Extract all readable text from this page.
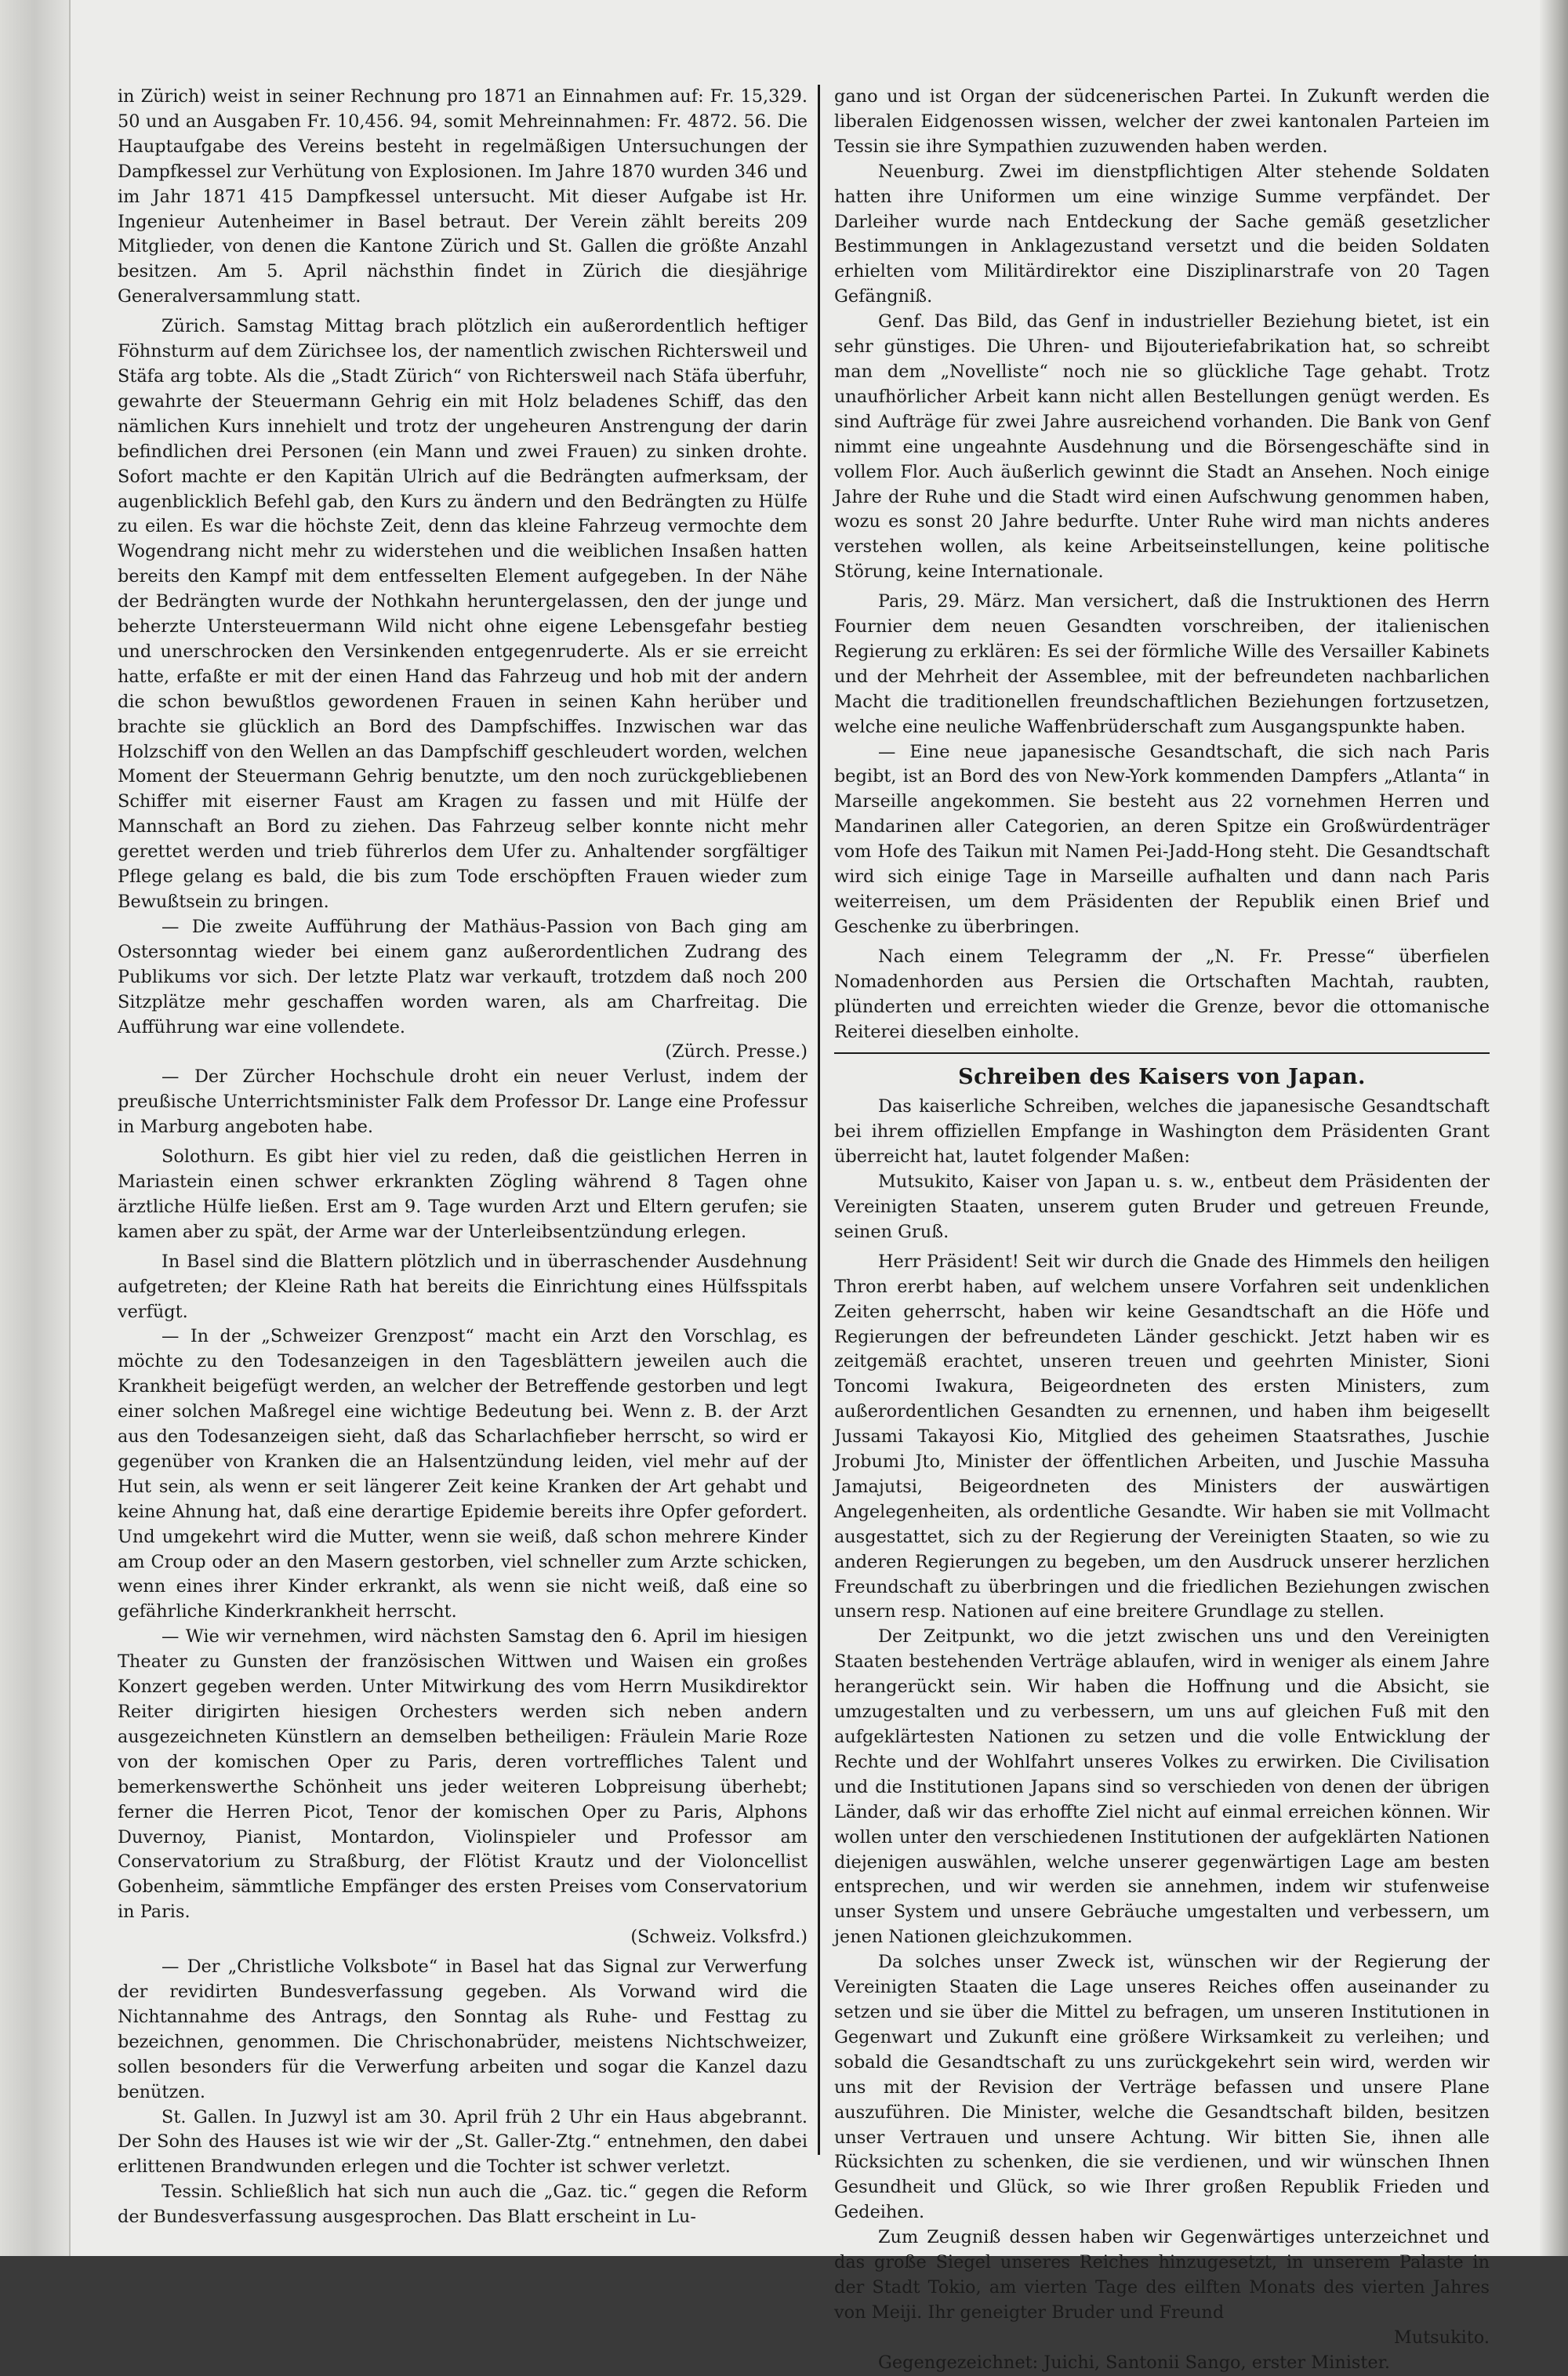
in Zürich) weist in seiner Rechnung pro 1871 an Einnahmen auf: Fr. 15,329. 50 und an Ausgaben Fr. 10,456. 94, somit Mehreinnahmen: Fr. 4872. 56. Die Hauptaufgabe des Vereins besteht in regelmäßigen Untersuchungen der Dampfkessel zur Verhütung von Explosionen. Im Jahre 1870 wurden 346 und im Jahr 1871 415 Dampfkessel untersucht. Mit dieser Aufgabe ist Hr. Ingenieur Autenheimer in Basel betraut. Der Verein zählt bereits 209 Mitglieder, von denen die Kantone Zürich und St. Gallen die größte Anzahl besitzen. Am 5. April nächsthin findet in Zürich die diesjährige Generalversammlung statt.

Zürich. Samstag Mittag brach plötzlich ein außerordentlich heftiger Föhnsturm auf dem Zürichsee los, der namentlich zwischen Richtersweil und Stäfa arg tobte. Als die „Stadt Zürich“ von Richtersweil nach Stäfa überfuhr, gewahrte der Steuermann Gehrig ein mit Holz beladenes Schiff, das den nämlichen Kurs innehielt und trotz der ungeheuren Anstrengung der darin befindlichen drei Personen (ein Mann und zwei Frauen) zu sinken drohte. Sofort machte er den Kapitän Ulrich auf die Bedrängten aufmerksam, der augenblicklich Befehl gab, den Kurs zu ändern und den Bedrängten zu Hülfe zu eilen. Es war die höchste Zeit, denn das kleine Fahrzeug vermochte dem Wogendrang nicht mehr zu widerstehen und die weiblichen Insaßen hatten bereits den Kampf mit dem entfesselten Element aufgegeben. In der Nähe der Bedrängten wurde der Nothkahn heruntergelassen, den der junge und beherzte Untersteuermann Wild nicht ohne eigene Lebensgefahr bestieg und unerschrocken den Versinkenden entgegenruderte. Als er sie erreicht hatte, erfaßte er mit der einen Hand das Fahrzeug und hob mit der andern die schon bewußtlos gewordenen Frauen in seinen Kahn herüber und brachte sie glücklich an Bord des Dampfschiffes. Inzwischen war das Holzschiff von den Wellen an das Dampfschiff geschleudert worden, welchen Moment der Steuermann Gehrig benutzte, um den noch zurückgebliebenen Schiffer mit eiserner Faust am Kragen zu fassen und mit Hülfe der Mannschaft an Bord zu ziehen. Das Fahrzeug selber konnte nicht mehr gerettet werden und trieb führerlos dem Ufer zu. Anhaltender sorgfältiger Pflege gelang es bald, die bis zum Tode erschöpften Frauen wieder zum Bewußtsein zu bringen.

— Die zweite Aufführung der Mathäus-Passion von Bach ging am Ostersonntag wieder bei einem ganz außerordentlichen Zudrang des Publikums vor sich. Der letzte Platz war verkauft, trotzdem daß noch 200 Sitzplätze mehr geschaffen worden waren, als am Charfreitag. Die Aufführung war eine vollendete.

(Zürch. Presse.)

— Der Zürcher Hochschule droht ein neuer Verlust, indem der preußische Unterrichtsminister Falk dem Professor Dr. Lange eine Professur in Marburg angeboten habe.

Solothurn. Es gibt hier viel zu reden, daß die geistlichen Herren in Mariastein einen schwer erkrankten Zögling während 8 Tagen ohne ärztliche Hülfe ließen. Erst am 9. Tage wurden Arzt und Eltern gerufen; sie kamen aber zu spät, der Arme war der Unterleibsentzündung erlegen.

In Basel sind die Blattern plötzlich und in überraschender Ausdehnung aufgetreten; der Kleine Rath hat bereits die Einrichtung eines Hülfsspitals verfügt.

— In der „Schweizer Grenzpost“ macht ein Arzt den Vorschlag, es möchte zu den Todesanzeigen in den Tagesblättern jeweilen auch die Krankheit beigefügt werden, an welcher der Betreffende gestorben und legt einer solchen Maßregel eine wichtige Bedeutung bei. Wenn z. B. der Arzt aus den Todesanzeigen sieht, daß das Scharlachfieber herrscht, so wird er gegenüber von Kranken die an Halsentzündung leiden, viel mehr auf der Hut sein, als wenn er seit längerer Zeit keine Kranken der Art gehabt und keine Ahnung hat, daß eine derartige Epidemie bereits ihre Opfer gefordert. Und umgekehrt wird die Mutter, wenn sie weiß, daß schon mehrere Kinder am Croup oder an den Masern gestorben, viel schneller zum Arzte schicken, wenn eines ihrer Kinder erkrankt, als wenn sie nicht weiß, daß eine so gefährliche Kinderkrankheit herrscht.

— Wie wir vernehmen, wird nächsten Samstag den 6. April im hiesigen Theater zu Gunsten der französischen Wittwen und Waisen ein großes Konzert gegeben werden. Unter Mitwirkung des vom Herrn Musikdirektor Reiter dirigirten hiesigen Orchesters werden sich neben andern ausgezeichneten Künstlern an demselben betheiligen: Fräulein Marie Roze von der komischen Oper zu Paris, deren vortreffliches Talent und bemerkenswerthe Schönheit uns jeder weiteren Lobpreisung überhebt; ferner die Herren Picot, Tenor der komischen Oper zu Paris, Alphons Duvernoy, Pianist, Montardon, Violinspieler und Professor am Conservatorium zu Straßburg, der Flötist Krautz und der Violoncellist Gobenheim, sämmtliche Empfänger des ersten Preises vom Conservatorium in Paris.

(Schweiz. Volksfrd.)

— Der „Christliche Volksbote“ in Basel hat das Signal zur Verwerfung der revidirten Bundesverfassung gegeben. Als Vorwand wird die Nichtannahme des Antrags, den Sonntag als Ruhe- und Festtag zu bezeichnen, genommen. Die Chrischonabrüder, meistens Nichtschweizer, sollen besonders für die Verwerfung arbeiten und sogar die Kanzel dazu benützen.

St. Gallen. In Juzwyl ist am 30. April früh 2 Uhr ein Haus abgebrannt. Der Sohn des Hauses ist wie wir der „St. Galler-Ztg.“ entnehmen, den dabei erlittenen Brandwunden erlegen und die Tochter ist schwer verletzt.

Tessin. Schließlich hat sich nun auch die „Gaz. tic.“ gegen die Reform der Bundesverfassung ausgesprochen. Das Blatt erscheint in Lu-

gano und ist Organ der südcenerischen Partei. In Zukunft werden die liberalen Eidgenossen wissen, welcher der zwei kantonalen Parteien im Tessin sie ihre Sympathien zuzuwenden haben werden.

Neuenburg. Zwei im dienstpflichtigen Alter stehende Soldaten hatten ihre Uniformen um eine winzige Summe verpfändet. Der Darleiher wurde nach Entdeckung der Sache gemäß gesetzlicher Bestimmungen in Anklagezustand versetzt und die beiden Soldaten erhielten vom Militärdirektor eine Disziplinarstrafe von 20 Tagen Gefängniß.

Genf. Das Bild, das Genf in industrieller Beziehung bietet, ist ein sehr günstiges. Die Uhren- und Bijouteriefabrikation hat, so schreibt man dem „Novelliste“ noch nie so glückliche Tage gehabt. Trotz unaufhörlicher Arbeit kann nicht allen Bestellungen genügt werden. Es sind Aufträge für zwei Jahre ausreichend vorhanden. Die Bank von Genf nimmt eine ungeahnte Ausdehnung und die Börsengeschäfte sind in vollem Flor. Auch äußerlich gewinnt die Stadt an Ansehen. Noch einige Jahre der Ruhe und die Stadt wird einen Aufschwung genommen haben, wozu es sonst 20 Jahre bedurfte. Unter Ruhe wird man nichts anderes verstehen wollen, als keine Arbeitseinstellungen, keine politische Störung, keine Internationale.

Paris, 29. März. Man versichert, daß die Instruktionen des Herrn Fournier dem neuen Gesandten vorschreiben, der italienischen Regierung zu erklären: Es sei der förmliche Wille des Versailler Kabinets und der Mehrheit der Assemblee, mit der befreundeten nachbarlichen Macht die traditionellen freundschaftlichen Beziehungen fortzusetzen, welche eine neuliche Waffenbrüderschaft zum Ausgangspunkte haben.

— Eine neue japanesische Gesandtschaft, die sich nach Paris begibt, ist an Bord des von New-York kommenden Dampfers „Atlanta“ in Marseille angekommen. Sie besteht aus 22 vornehmen Herren und Mandarinen aller Categorien, an deren Spitze ein Großwürdenträger vom Hofe des Taikun mit Namen Pei-Jadd-Hong steht. Die Gesandtschaft wird sich einige Tage in Marseille aufhalten und dann nach Paris weiterreisen, um dem Präsidenten der Republik einen Brief und Geschenke zu überbringen.

Nach einem Telegramm der „N. Fr. Presse“ überfielen Nomadenhorden aus Persien die Ortschaften Machtah, raubten, plünderten und erreichten wieder die Grenze, bevor die ottomanische Reiterei dieselben einholte.

Schreiben des Kaisers von Japan.

Das kaiserliche Schreiben, welches die japanesische Gesandtschaft bei ihrem offiziellen Empfange in Washington dem Präsidenten Grant überreicht hat, lautet folgender Maßen:

Mutsukito, Kaiser von Japan u. s. w., entbeut dem Präsidenten der Vereinigten Staaten, unserem guten Bruder und getreuen Freunde, seinen Gruß.

Herr Präsident! Seit wir durch die Gnade des Himmels den heiligen Thron ererbt haben, auf welchem unsere Vorfahren seit undenklichen Zeiten geherrscht, haben wir keine Gesandtschaft an die Höfe und Regierungen der befreundeten Länder geschickt. Jetzt haben wir es zeitgemäß erachtet, unseren treuen und geehrten Minister, Sioni Toncomi Iwakura, Beigeordneten des ersten Ministers, zum außerordentlichen Gesandten zu ernennen, und haben ihm beigesellt Jussami Takayosi Kio, Mitglied des geheimen Staatsrathes, Juschie Jrobumi Jto, Minister der öffentlichen Arbeiten, und Juschie Massuha Jamajutsi, Beigeordneten des Ministers der auswärtigen Angelegenheiten, als ordentliche Gesandte. Wir haben sie mit Vollmacht ausgestattet, sich zu der Regierung der Vereinigten Staaten, so wie zu anderen Regierungen zu begeben, um den Ausdruck unserer herzlichen Freundschaft zu überbringen und die friedlichen Beziehungen zwischen unsern resp. Nationen auf eine breitere Grundlage zu stellen.

Der Zeitpunkt, wo die jetzt zwischen uns und den Vereinigten Staaten bestehenden Verträge ablaufen, wird in weniger als einem Jahre herangerückt sein. Wir haben die Hoffnung und die Absicht, sie umzugestalten und zu verbessern, um uns auf gleichen Fuß mit den aufgeklärtesten Nationen zu setzen und die volle Entwicklung der Rechte und der Wohlfahrt unseres Volkes zu erwirken. Die Civilisation und die Institutionen Japans sind so verschieden von denen der übrigen Länder, daß wir das erhoffte Ziel nicht auf einmal erreichen können. Wir wollen unter den verschiedenen Institutionen der aufgeklärten Nationen diejenigen auswählen, welche unserer gegenwärtigen Lage am besten entsprechen, und wir werden sie annehmen, indem wir stufenweise unser System und unsere Gebräuche umgestalten und verbessern, um jenen Nationen gleichzukommen.

Da solches unser Zweck ist, wünschen wir der Regierung der Vereinigten Staaten die Lage unseres Reiches offen auseinander zu setzen und sie über die Mittel zu befragen, um unseren Institutionen in Gegenwart und Zukunft eine größere Wirksamkeit zu verleihen; und sobald die Gesandtschaft zu uns zurückgekehrt sein wird, werden wir uns mit der Revision der Verträge befassen und unsere Plane auszuführen. Die Minister, welche die Gesandtschaft bilden, besitzen unser Vertrauen und unsere Achtung. Wir bitten Sie, ihnen alle Rücksichten zu schenken, die sie verdienen, und wir wünschen Ihnen Gesundheit und Glück, so wie Ihrer großen Republik Frieden und Gedeihen.

Zum Zeugniß dessen haben wir Gegenwärtiges unterzeichnet und das große Siegel unseres Reiches hinzugesetzt, in unserem Palaste in der Stadt Tokio, am vierten Tage des eilften Monats des vierten Jahres von Meiji. Ihr geneigter Bruder und Freund

Mutsukito.

Gegengezeichnet: Juichi, Santonii Sango, erster Minister.
